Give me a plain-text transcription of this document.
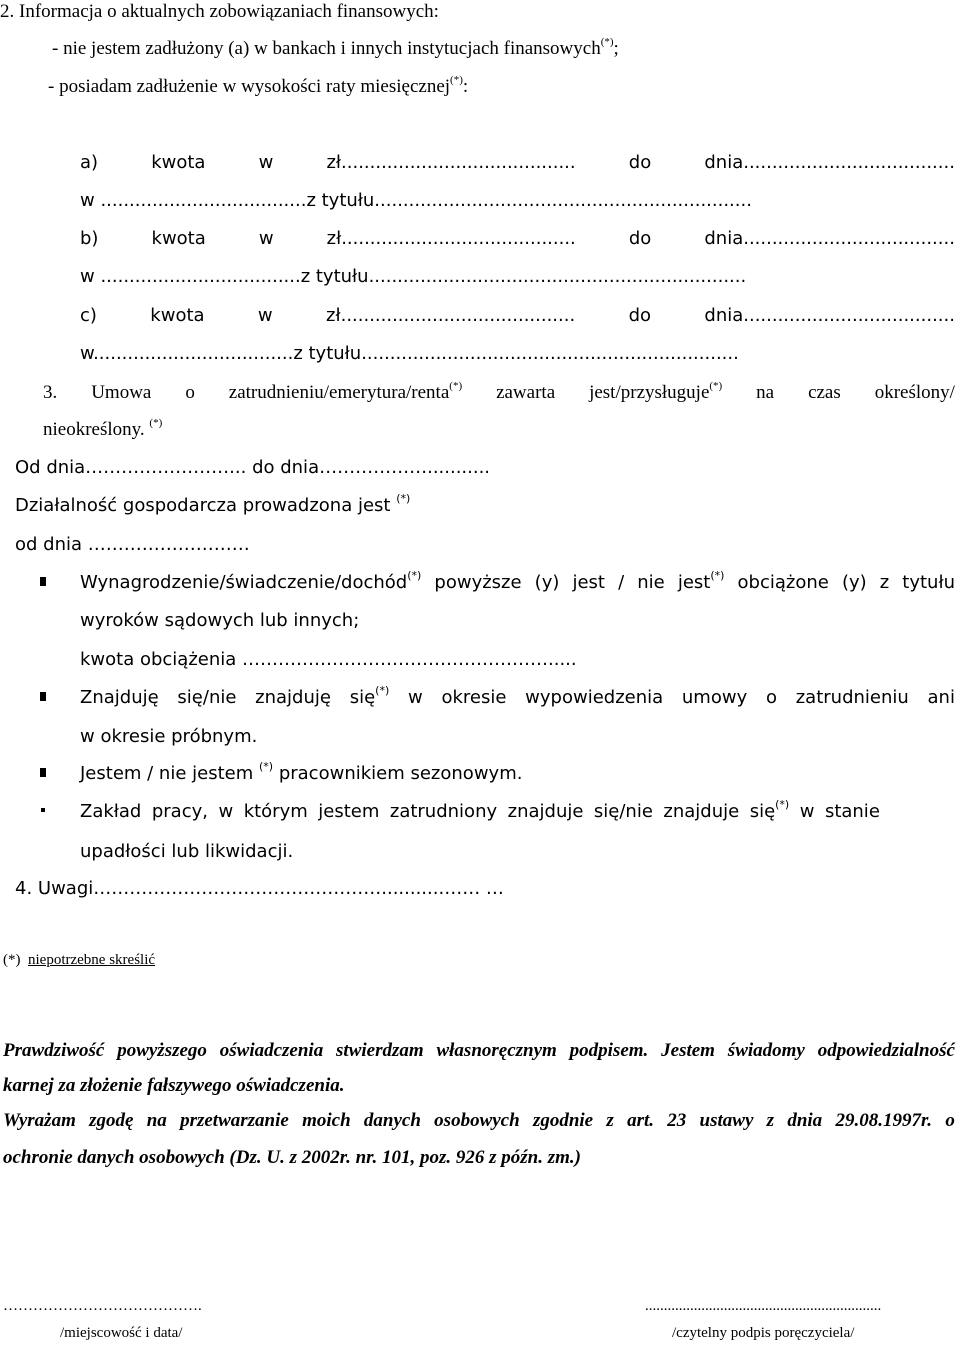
2. Informacja o aktualnych zobowiązaniach finansowych:
- nie jestem zadłużony (a) w bankach i innych instytucjach finansowych(*);
- posiadam zadłużenie w wysokości raty miesięcznej(*):
a)	kwota	w	zł.........................................	do	dnia.....................................
w ....................................z tytułu..................................................................
b)	kwota	w	zł.........................................	do	dnia.....................................
w ...................................z tytułu..................................................................
c)	kwota	w	zł.........................................	do	dnia.....................................
w...................................z tytułu..................................................................
3. Umowa o zatrudnieniu/emerytura/renta(*) zawarta jest/przysługuje(*) na czas określony/
nieokreślony. (*)
Od dnia……………………... do dnia………………...........
Działalność gospodarcza prowadzona jest (*)
od dnia ………………………
Wynagrodzenie/świadczenie/dochód(*) powyższe (y) jest / nie jest(*) obciążone (y) z tytułu
wyroków sądowych lub innych;
kwota obciążenia …………………………………………….....
Znajduję się/nie znajduję się(*) w okresie wypowiedzenia umowy o zatrudnieniu ani
w okresie próbnym.
Jestem / nie jestem (*) pracownikiem sezonowym.
Zakład pracy, w którym jestem zatrudniony znajduje się/nie znajduje się(*) w stanie
upadłości lub likwidacji.
4. Uwagi…………………………………………...........…… …
(*) niepotrzebne skreślić
Prawdziwość powyższego oświadczenia stwierdzam własnoręcznym podpisem. Jestem świadomy odpowiedzialność
karnej za złożenie fałszywego oświadczenia.
Wyrażam zgodę na przetwarzanie moich danych osobowych zgodnie z art. 23 ustawy z dnia 29.08.1997r. o
ochronie danych osobowych (Dz. U. z 2002r. nr. 101, poz. 926 z późn. zm.)
………………………………….	...............................................................
/miejscowość i data/	/czytelny podpis poręczyciela/
